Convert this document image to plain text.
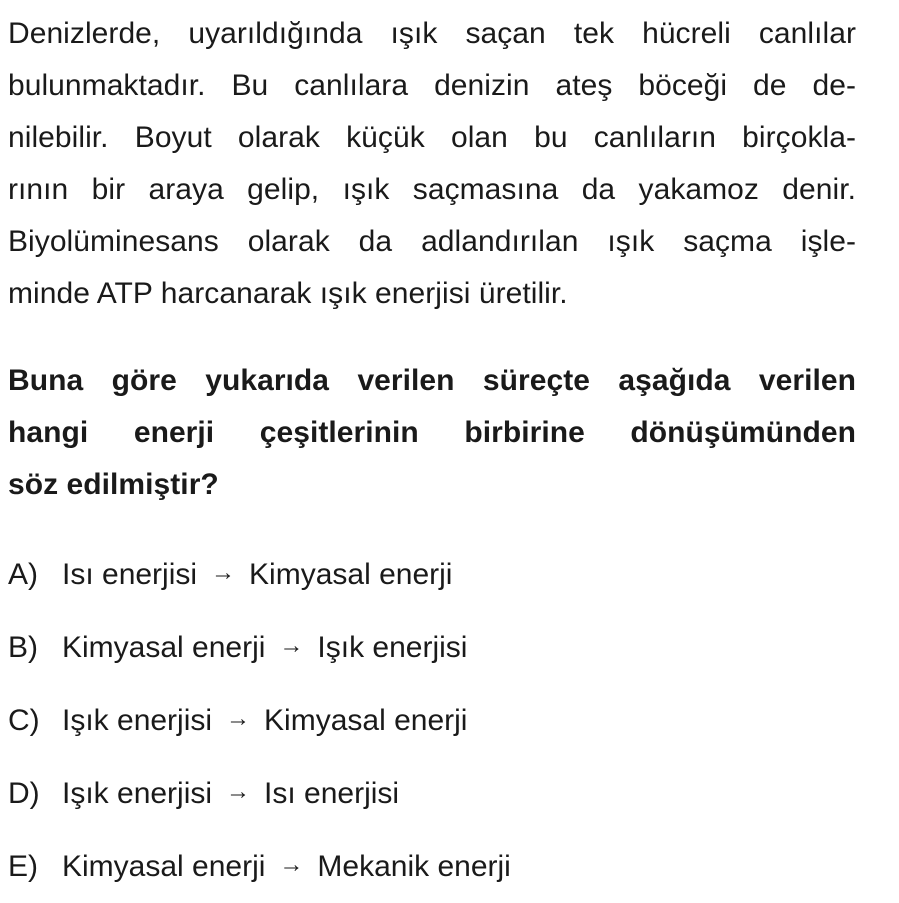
Denizlerde, uyarıldığında ışık saçan tek hücreli canlılar
bulunmaktadır. Bu canlılara denizin ateş böceği de de-
nilebilir. Boyut olarak küçük olan bu canlıların birçokla-
rının bir araya gelip, ışık saçmasına da yakamoz denir.
Biyolüminesans olarak da adlandırılan ışık saçma işle-
minde ATP harcanarak ışık enerjisi üretilir.
Buna göre yukarıda verilen süreçte aşağıda verilen
hangi enerji çeşitlerinin birbirine dönüşümünden
söz edilmiştir?
A) Isı enerjisi → Kimyasal enerji
B) Kimyasal enerji → Işık enerjisi
C) Işık enerjisi → Kimyasal enerji
D) Işık enerjisi → Isı enerjisi
E) Kimyasal enerji → Mekanik enerji
